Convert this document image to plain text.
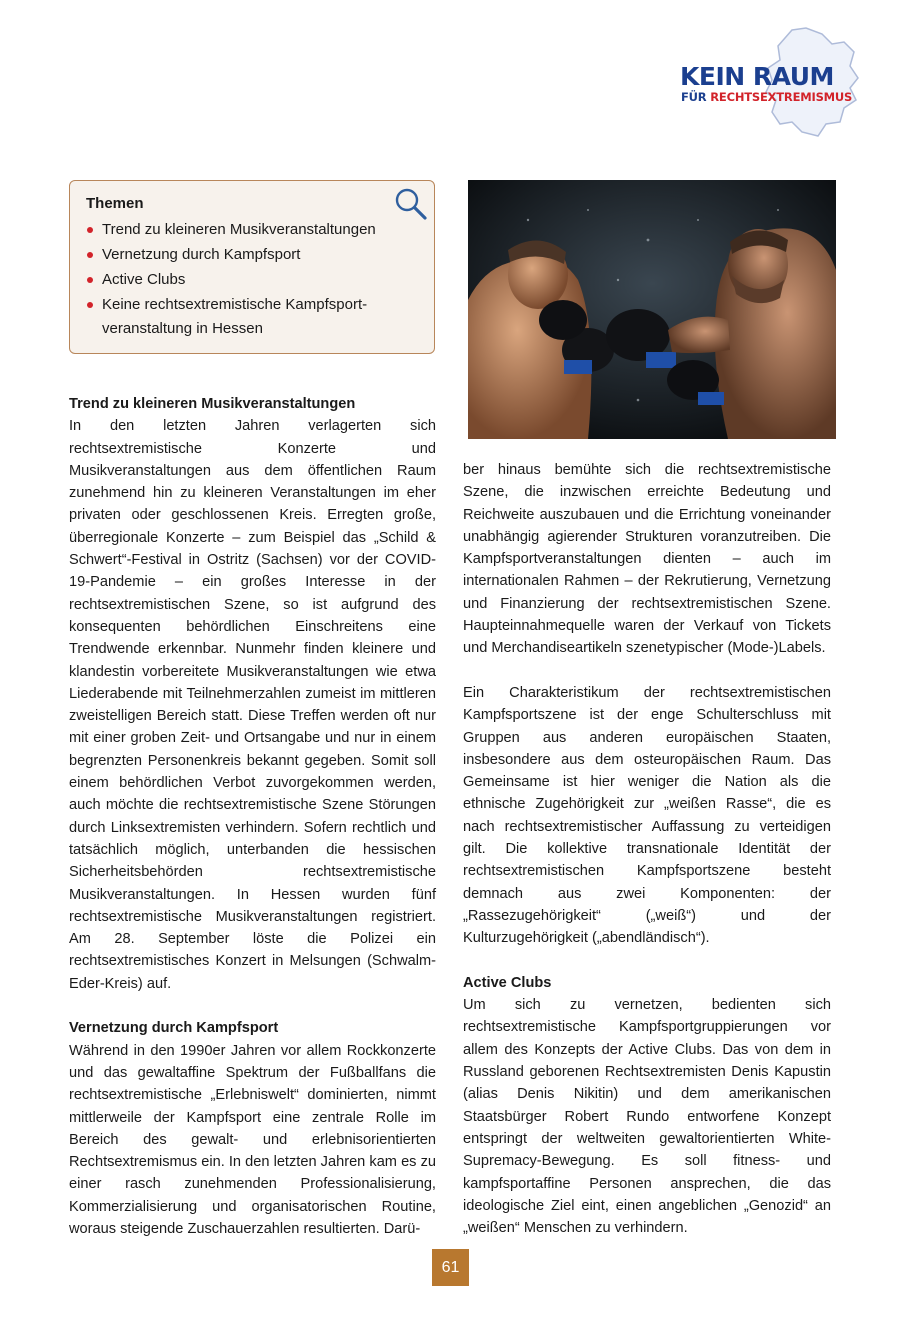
KEIN RAUM
FÜR RECHTSEXTREMISMUS
Themen
Trend zu kleineren Musikveranstaltungen
Vernetzung durch Kampfsport
Active Clubs
Keine rechtsextremistische Kampfsport-veranstaltung in Hessen
Trend zu kleineren Musikveranstaltungen

In den letzten Jahren verlagerten sich rechtsextremistische Konzerte und Musikveranstaltungen aus dem öffentlichen Raum zunehmend hin zu kleineren Veranstaltungen im eher privaten oder geschlossenen Kreis. Erregten große, überregionale Konzerte – zum Beispiel das „Schild & Schwert“-Festival in Ostritz (Sachsen) vor der COVID-19-Pandemie – ein großes Interesse in der rechtsextremistischen Szene, so ist aufgrund des konsequenten behördlichen Einschreitens eine Trendwende erkennbar. Nunmehr finden kleinere und klandestin vorbereitete Musikveranstaltungen wie etwa Liederabende mit Teilnehmerzahlen zumeist im mittleren zweistelligen Bereich statt. Diese Treffen werden oft nur mit einer groben Zeit- und Ortsangabe und nur in einem begrenzten Personenkreis bekannt gegeben. Somit soll einem behördlichen Verbot zuvorgekommen werden, auch möchte die rechtsextremistische Szene Störungen durch Linksextremisten verhindern. Sofern rechtlich und tatsächlich möglich, unterbanden die hessischen Sicherheitsbehörden rechtsextremistische Musikveranstaltungen. In Hessen wurden fünf rechtsextremistische Musikveranstaltungen registriert. Am 28. September löste die Polizei ein rechtsextremistisches Konzert in Melsungen (Schwalm-Eder-Kreis) auf.

Vernetzung durch Kampfsport

Während in den 1990er Jahren vor allem Rockkonzerte und das gewaltaffine Spektrum der Fußballfans die rechtsextremistische „Erlebniswelt“ dominierten, nimmt mittlerweile der Kampfsport eine zentrale Rolle im Bereich des gewalt- und erlebnisorientierten Rechtsextremismus ein. In den letzten Jahren kam es zu einer rasch zunehmenden Professionalisierung, Kommerzialisierung und organisatorischen Routine, woraus steigende Zuschauerzahlen resultierten. Darü-

ber hinaus bemühte sich die rechtsextremistische Szene, die inzwischen erreichte Bedeutung und Reichweite auszubauen und die Errichtung voneinander unabhängig agierender Strukturen voranzutreiben. Die Kampfsportveranstaltungen dienten – auch im internationalen Rahmen – der Rekrutierung, Vernetzung und Finanzierung der rechtsextremistischen Szene. Haupteinnahmequelle waren der Verkauf von Tickets und Merchandiseartikeln szenetypischer (Mode-)Labels.

Ein Charakteristikum der rechtsextremistischen Kampfsportszene ist der enge Schulterschluss mit Gruppen aus anderen europäischen Staaten, insbesondere aus dem osteuropäischen Raum. Das Gemeinsame ist hier weniger die Nation als die ethnische Zugehörigkeit zur „weißen Rasse“, die es nach rechtsextremistischer Auffassung zu verteidigen gilt. Die kollektive transnationale Identität der rechtsextremistischen Kampfsportszene besteht demnach aus zwei Komponenten: der „Rassezugehörigkeit“ („weiß“) und der Kulturzugehörigkeit („abendländisch“).

Active Clubs

Um sich zu vernetzen, bedienten sich rechtsextremistische Kampfsportgruppierungen vor allem des Konzepts der Active Clubs. Das von dem in Russland geborenen Rechtsextremisten Denis Kapustin (alias Denis Nikitin) und dem amerikanischen Staatsbürger Robert Rundo entworfene Konzept entspringt der weltweiten gewaltorientierten White-Supremacy-Bewegung. Es soll fitness- und kampfsportaffine Personen ansprechen, die das ideologische Ziel eint, einen angeblichen „Genozid“ an „weißen“ Menschen zu verhindern.

61
